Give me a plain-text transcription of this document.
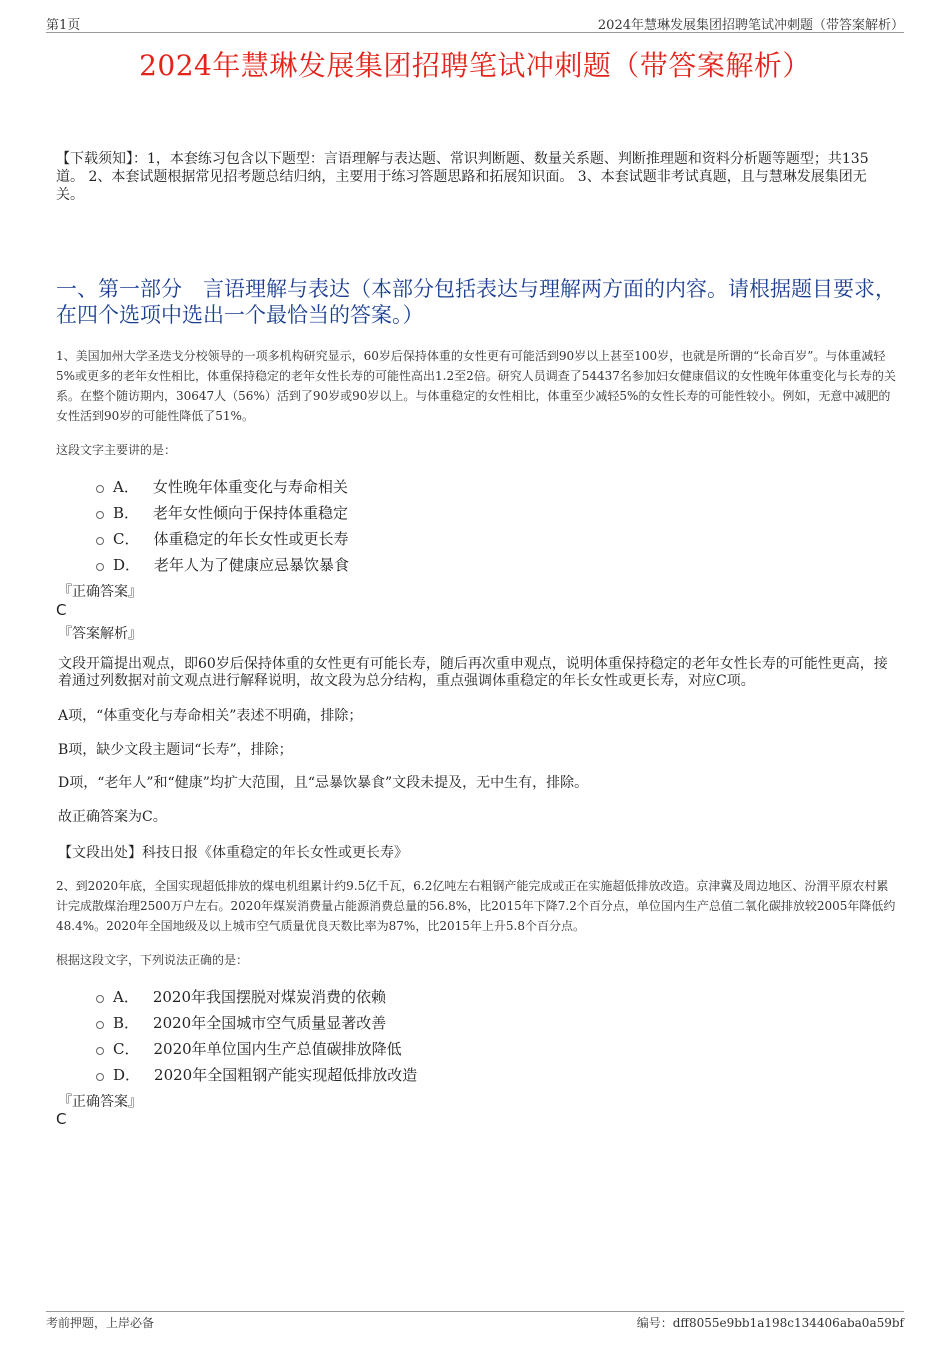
第1页	2024年慧琳发展集团招聘笔试冲刺题（带答案解析）
2024年慧琳发展集团招聘笔试冲刺题（带答案解析）
【下载须知】：1，本套练习包含以下题型：言语理解与表达题、常识判断题、数量关系题、判断推理题和资料分析题等题型；共135道。 2、本套试题根据常见招考题总结归纳，主要用于练习答题思路和拓展知识面。 3、本套试题非考试真题，且与慧琳发展集团无关。
一、第一部分　言语理解与表达（本部分包括表达与理解两方面的内容。请根据题目要求，在四个选项中选出一个最恰当的答案。）
1、美国加州大学圣迭戈分校领导的一项多机构研究显示，60岁后保持体重的女性更有可能活到90岁以上甚至100岁，也就是所谓的“长命百岁”。与体重减轻5%或更多的老年女性相比，体重保持稳定的老年女性长寿的可能性高出1.2至2倍。研究人员调查了54437名参加妇女健康倡议的女性晚年体重变化与长寿的关系。在整个随访期内，30647人（56%）活到了90岁或90岁以上。与体重稳定的女性相比，体重至少减轻5%的女性长寿的可能性较小。例如，无意中减肥的女性活到90岁的可能性降低了51%。
这段文字主要讲的是：
A． 女性晚年体重变化与寿命相关
B． 老年女性倾向于保持体重稳定
C． 体重稳定的年长女性或更长寿
D． 老年人为了健康应忌暴饮暴食
『正确答案』
C
『答案解析』
文段开篇提出观点，即60岁后保持体重的女性更有可能长寿，随后再次重申观点，说明体重保持稳定的老年女性长寿的可能性更高，接着通过列数据对前文观点进行解释说明，故文段为总分结构，重点强调体重稳定的年长女性或更长寿，对应C项。
A项，“体重变化与寿命相关”表述不明确，排除；
B项，缺少文段主题词“长寿”，排除；
D项，“老年人”和“健康”均扩大范围，且“忌暴饮暴食”文段未提及，无中生有，排除。
故正确答案为C。
【文段出处】科技日报《体重稳定的年长女性或更长寿》
2、到2020年底，全国实现超低排放的煤电机组累计约9.5亿千瓦，6.2亿吨左右粗钢产能完成或正在实施超低排放改造。京津冀及周边地区、汾渭平原农村累计完成散煤治理2500万户左右。2020年煤炭消费量占能源消费总量的56.8%，比2015年下降7.2个百分点，单位国内生产总值二氧化碳排放较2005年降低约48.4%。2020年全国地级及以上城市空气质量优良天数比率为87%，比2015年上升5.8个百分点。
根据这段文字，下列说法正确的是：
A． 2020年我国摆脱对煤炭消费的依赖
B． 2020年全国城市空气质量显著改善
C． 2020年单位国内生产总值碳排放降低
D． 2020年全国粗钢产能实现超低排放改造
『正确答案』
C
考前押题，上岸必备	编号：dff8055e9bb1a198c134406aba0a59bf
